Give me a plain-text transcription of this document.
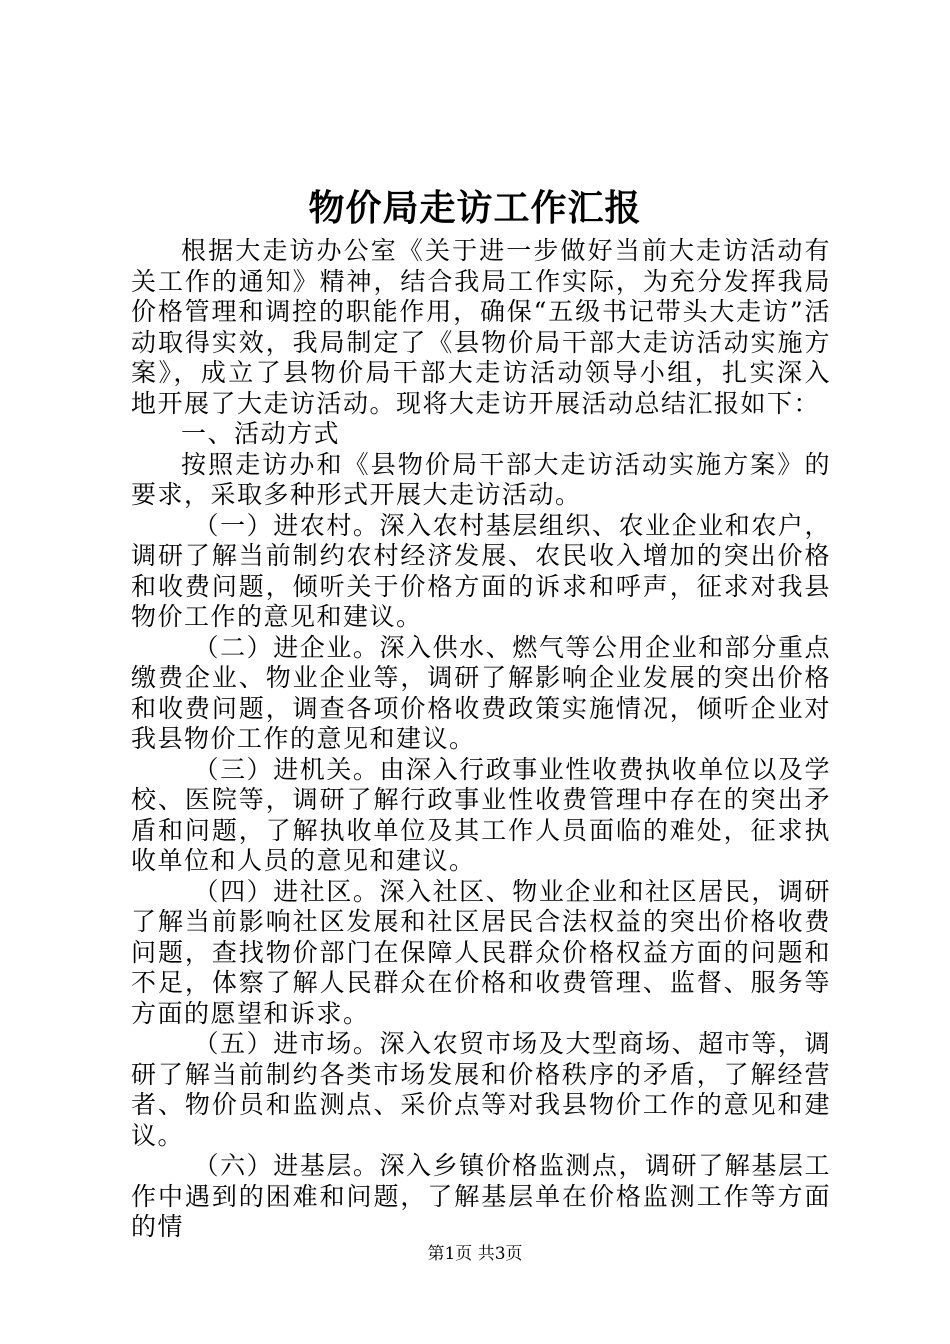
物价局走访工作汇报

根据大走访办公室《关于进一步做好当前大走访活动有关工作的通知》精神，结合我局工作实际，为充分发挥我局价格管理和调控的职能作用，确保“五级书记带头大走访”活动取得实效，我局制定了《县物价局干部大走访活动实施方案》，成立了县物价局干部大走访活动领导小组，扎实深入地开展了大走访活动。现将大走访开展活动总结汇报如下：

一、活动方式

按照走访办和《县物价局干部大走访活动实施方案》的要求，采取多种形式开展大走访活动。

（一）进农村。深入农村基层组织、农业企业和农户，调研了解当前制约农村经济发展、农民收入增加的突出价格和收费问题，倾听关于价格方面的诉求和呼声，征求对我县物价工作的意见和建议。

（二）进企业。深入供水、燃气等公用企业和部分重点缴费企业、物业企业等，调研了解影响企业发展的突出价格和收费问题，调查各项价格收费政策实施情况，倾听企业对我县物价工作的意见和建议。

（三）进机关。由深入行政事业性收费执收单位以及学校、医院等，调研了解行政事业性收费管理中存在的突出矛盾和问题，了解执收单位及其工作人员面临的难处，征求执收单位和人员的意见和建议。

（四）进社区。深入社区、物业企业和社区居民，调研了解当前影响社区发展和社区居民合法权益的突出价格收费问题，查找物价部门在保障人民群众价格权益方面的问题和不足，体察了解人民群众在价格和收费管理、监督、服务等方面的愿望和诉求。

（五）进市场。深入农贸市场及大型商场、超市等，调研了解当前制约各类市场发展和价格秩序的矛盾，了解经营者、物价员和监测点、采价点等对我县物价工作的意见和建议。

（六）进基层。深入乡镇价格监测点，调研了解基层工作中遇到的困难和问题，了解基层单在价格监测工作等方面的情

第1页 共3页
